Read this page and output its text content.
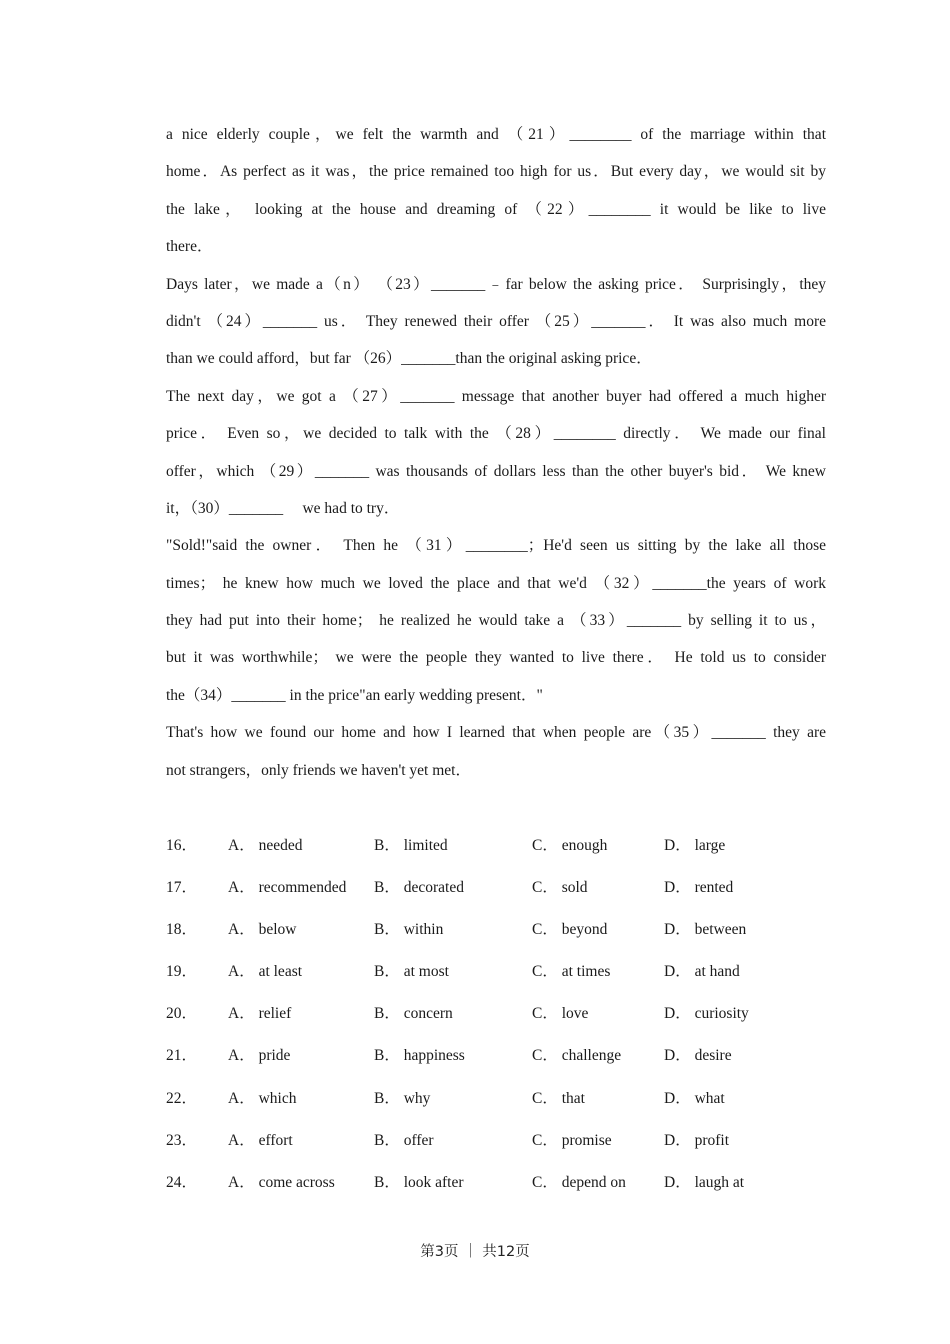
a nice elderly couple，we felt the warmth and （21）________ of the marriage within that
home．As perfect as it was，the price remained too high for us．But every day，we would sit by
the lake， looking at the house and dreaming of （22）________ it would be like to live
there．
Days later，we made a（n） （23）_______﹣far below the asking price． Surprisingly，they
didn't （24）_______ us． They renewed their offer （25）_______． It was also much more
than we could afford，but far （26）_______than the original asking price．
The next day，we got a （27）_______ message that another buyer had offered a much higher
price． Even so，we decided to talk with the （28）________ directly． We made our final
offer，which （29）_______ was thousands of dollars less than the other buyer's bid． We knew
it，（30）_______     we had to try．
"Sold!"said the owner． Then he （31）________；He'd seen us sitting by the lake all those
times； he knew how much we loved the place and that we'd （32）_______the years of work
they had put into their home； he realized he would take a （33）_______ by selling it to us，
but it was worthwhile； we were the people they wanted to live there． He told us to consider
the（34）_______ in the price"an early wedding present．"
That's how we found our home and how I learned that when people are（35）_______ they are
not strangers，only friends we haven't yet met．
16． A． needed	B． limited	C． enough	D． large
17． A． recommended B． decorated	C． sold	D． rented
18． A． below	B． within	C． beyond	D． between
19． A． at least	B． at most	C． at times	D． at hand
20． A． relief	B． concern	C． love	D． curiosity
21． A． pride	B． happiness	C． challenge	D． desire
22． A． which	B． why	C． that	D． what
23． A． effort	B． offer	C． promise	D． profit
24． A． come across	B． look after	C． depend on D． laugh at
第3页 ｜ 共12页
